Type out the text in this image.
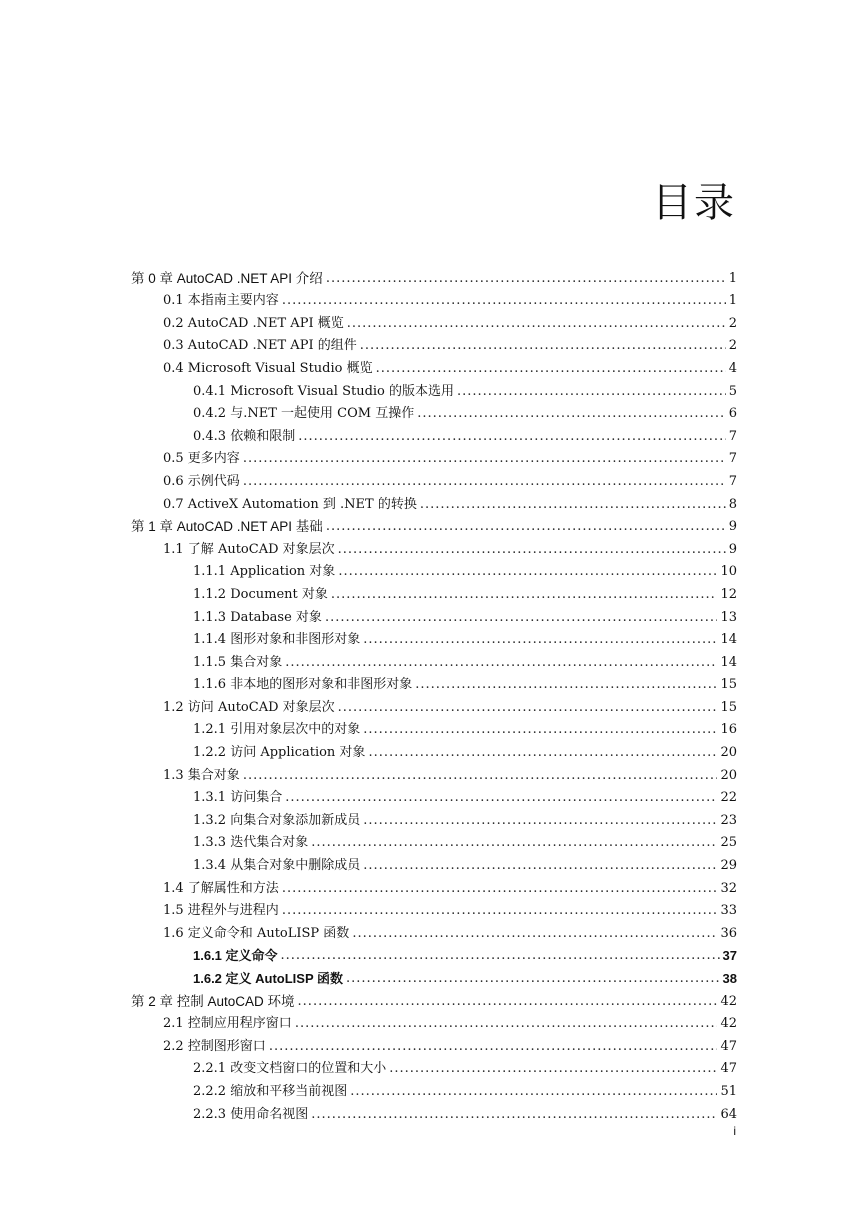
目录
第 0 章 AutoCAD .NET API 介绍 .....	1
0.1 本指南主要内容 .....	1
0.2 AutoCAD .NET API 概览 .....	2
0.3 AutoCAD .NET API 的组件 .....	2
0.4 Microsoft Visual Studio 概览 .....	4
0.4.1 Microsoft Visual Studio 的版本选用 .....	5
0.4.2 与.NET 一起使用 COM 互操作 .....	6
0.4.3 依赖和限制 .....	7
0.5 更多内容 .....	7
0.6 示例代码 .....	7
0.7 ActiveX Automation 到 .NET 的转换 .....	8
第 1 章 AutoCAD .NET API 基础 .....	9
1.1 了解 AutoCAD 对象层次 .....	9
1.1.1 Application 对象 .....	10
1.1.2 Document 对象 .....	12
1.1.3 Database 对象 .....	13
1.1.4 图形对象和非图形对象 .....	14
1.1.5 集合对象 .....	14
1.1.6 非本地的图形对象和非图形对象 .....	15
1.2 访问 AutoCAD 对象层次 .....	15
1.2.1 引用对象层次中的对象 .....	16
1.2.2 访问 Application 对象 .....	20
1.3 集合对象 .....	20
1.3.1 访问集合 .....	22
1.3.2 向集合对象添加新成员 .....	23
1.3.3 迭代集合对象 .....	25
1.3.4 从集合对象中删除成员 .....	29
1.4 了解属性和方法 .....	32
1.5 进程外与进程内 .....	33
1.6 定义命令和 AutoLISP 函数 .....	36
1.6.1 定义命令 .....	37
1.6.2 定义 AutoLISP 函数 .....	38
第 2 章 控制 AutoCAD 环境 .....	42
2.1 控制应用程序窗口 .....	42
2.2 控制图形窗口 .....	47
2.2.1 改变文档窗口的位置和大小 .....	47
2.2.2 缩放和平移当前视图 .....	51
2.2.3 使用命名视图 .....	64
i
